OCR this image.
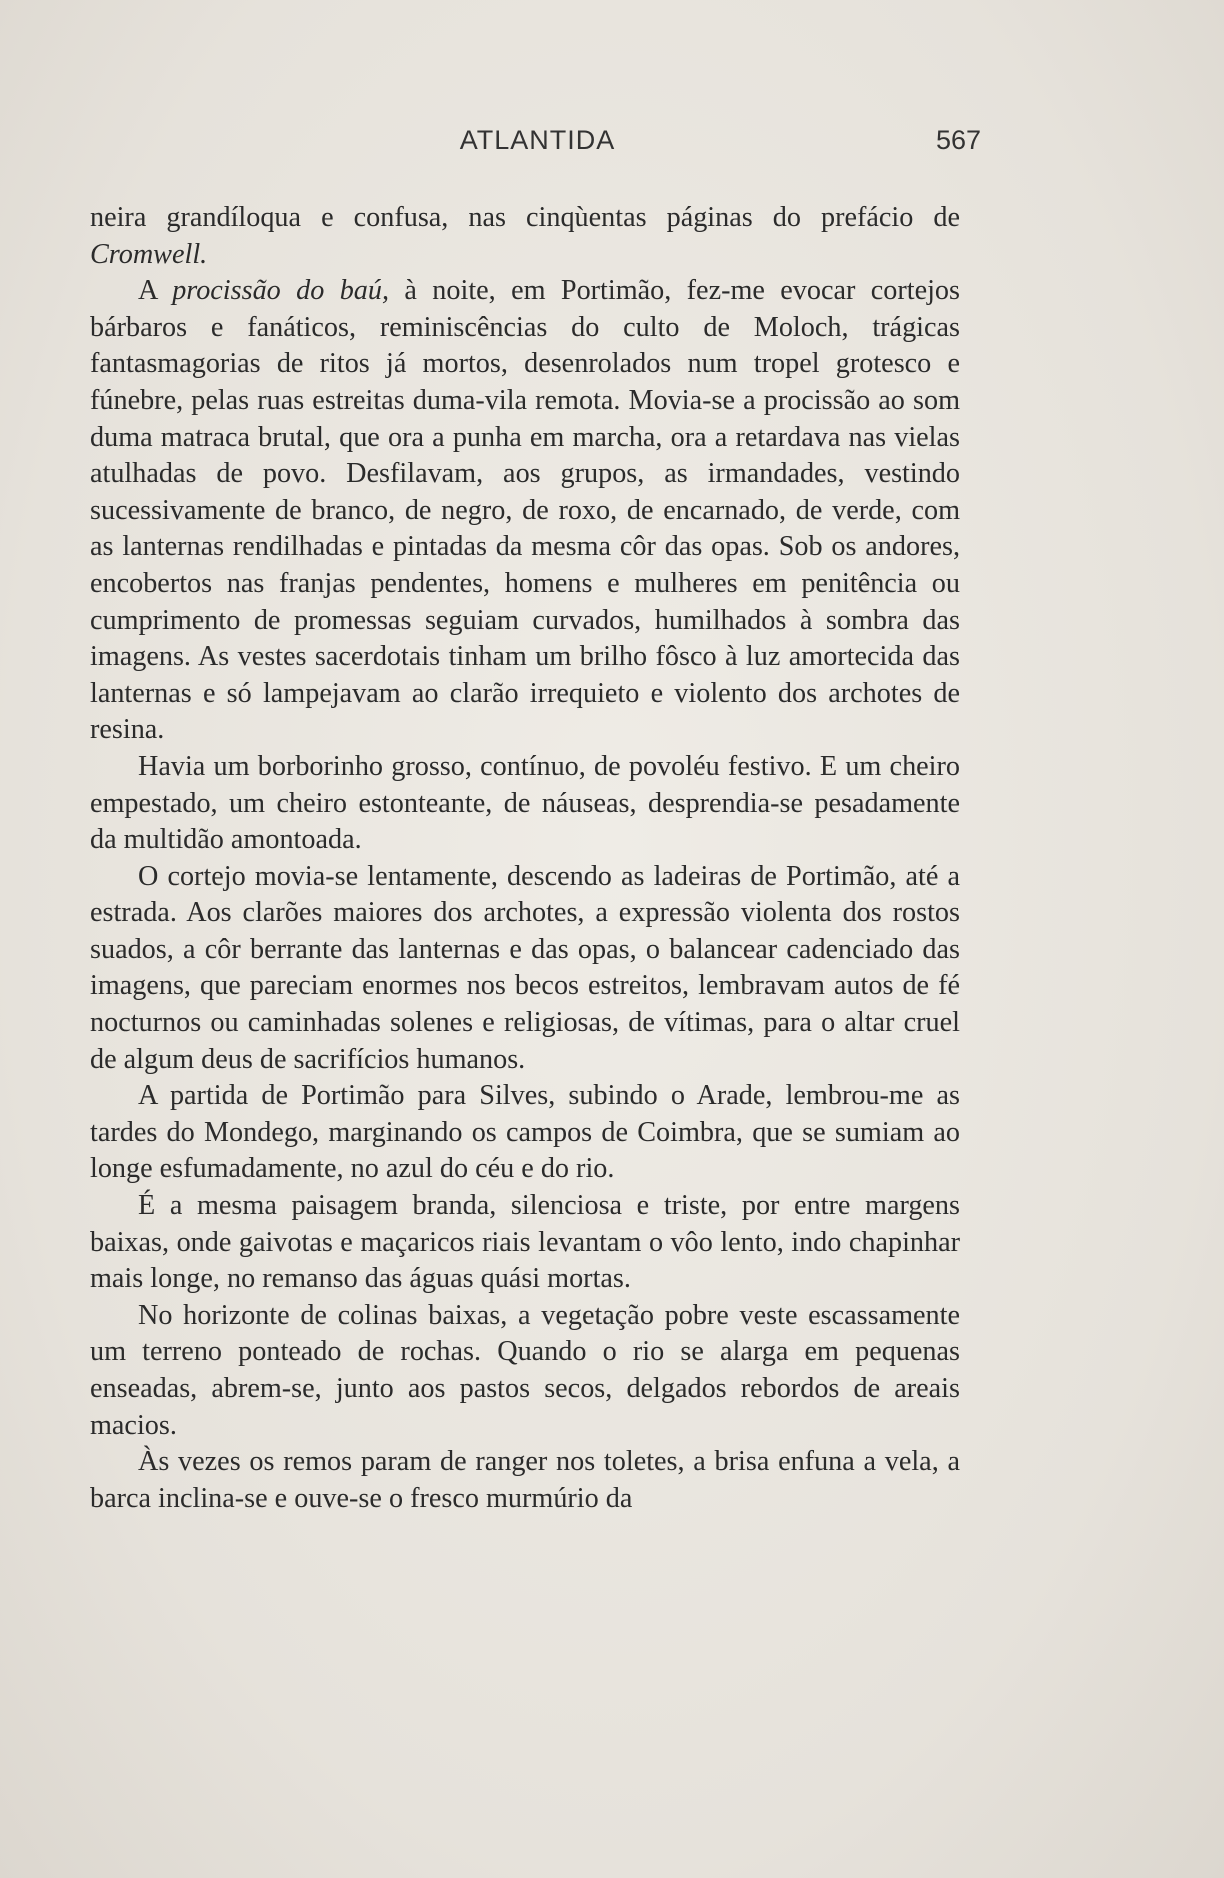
ATLANTIDA	567

neira grandíloqua e confusa, nas cinqùentas páginas do prefácio de Cromwell.

A procissão do baú, à noite, em Portimão, fez-me evocar cortejos bárbaros e fanáticos, reminiscências do culto de Moloch, trágicas fantasmagorias de ritos já mortos, desenrolados num tropel grotesco e fúnebre, pelas ruas estreitas duma-vila remota. Movia-se a procissão ao som duma matraca brutal, que ora a punha em marcha, ora a retardava nas vielas atulhadas de povo. Desfilavam, aos grupos, as irmandades, vestindo sucessivamente de branco, de negro, de roxo, de encarnado, de verde, com as lanternas rendilhadas e pintadas da mesma côr das opas. Sob os andores, encobertos nas franjas pendentes, homens e mulheres em penitência ou cumprimento de promessas seguiam curvados, humilhados à sombra das imagens. As vestes sacerdotais tinham um brilho fôsco à luz amortecida das lanternas e só lampejavam ao clarão irrequieto e violento dos archotes de resina.

Havia um borborinho grosso, contínuo, de povoléu festivo. E um cheiro empestado, um cheiro estonteante, de náuseas, desprendia-se pesadamente da multidão amontoada.

O cortejo movia-se lentamente, descendo as ladeiras de Portimão, até a estrada. Aos clarões maiores dos archotes, a expressão violenta dos rostos suados, a côr berrante das lanternas e das opas, o balancear cadenciado das imagens, que pareciam enormes nos becos estreitos, lembravam autos de fé nocturnos ou caminhadas solenes e religiosas, de vítimas, para o altar cruel de algum deus de sacrifícios humanos.

A partida de Portimão para Silves, subindo o Arade, lembrou-me as tardes do Mondego, marginando os campos de Coimbra, que se sumiam ao longe esfumadamente, no azul do céu e do rio.

É a mesma paisagem branda, silenciosa e triste, por entre margens baixas, onde gaivotas e maçaricos riais levantam o vôo lento, indo chapinhar mais longe, no remanso das águas quási mortas.

No horizonte de colinas baixas, a vegetação pobre veste escassamente um terreno ponteado de rochas. Quando o rio se alarga em pequenas enseadas, abrem-se, junto aos pastos secos, delgados rebordos de areais macios.

Às vezes os remos param de ranger nos toletes, a brisa enfuna a vela, a barca inclina-se e ouve-se o fresco murmúrio da
